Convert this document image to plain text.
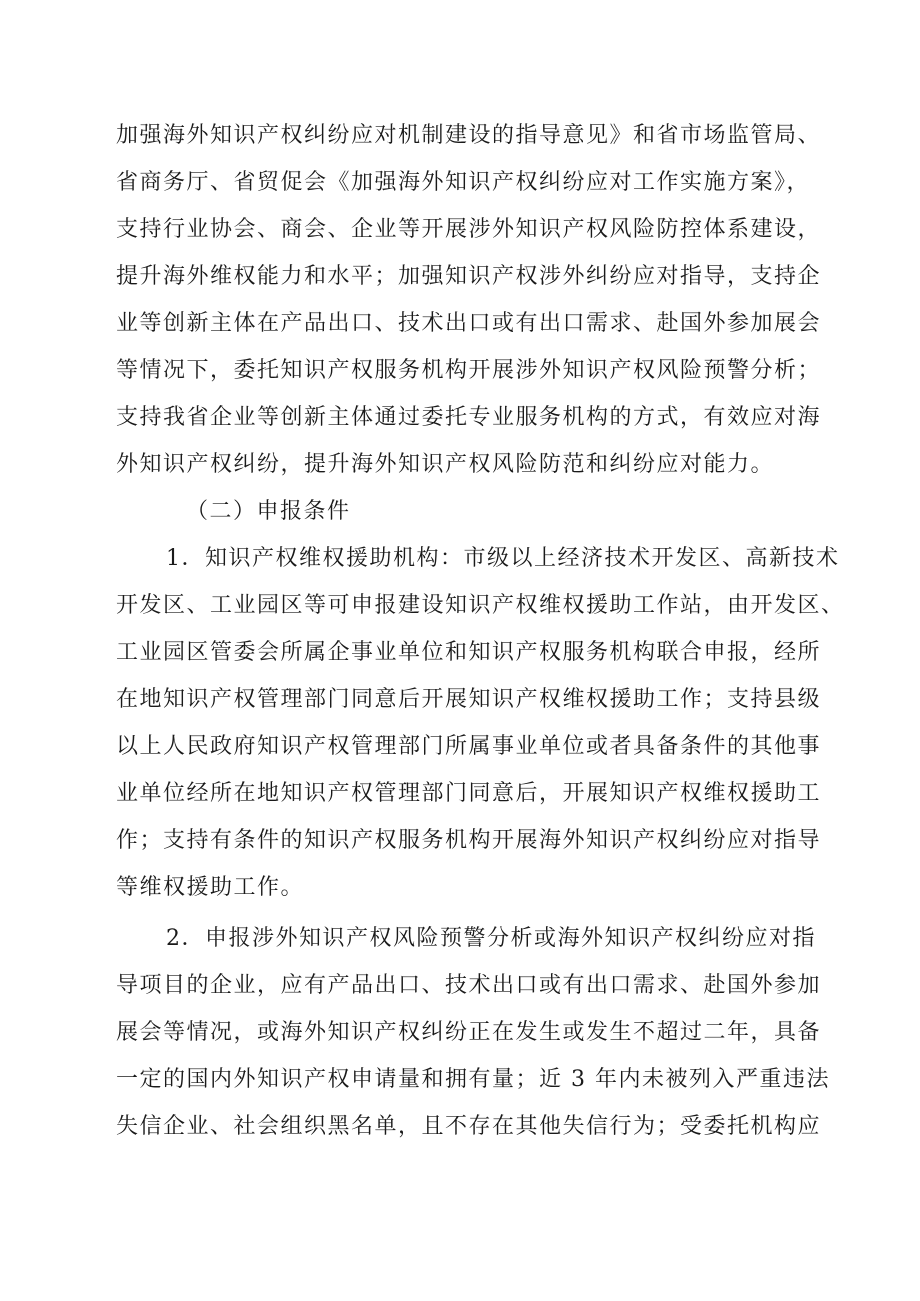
加强海外知识产权纠纷应对机制建设的指导意见》和省市场监管局、
省商务厅、省贸促会《加强海外知识产权纠纷应对工作实施方案》，
支持行业协会、商会、企业等开展涉外知识产权风险防控体系建设，
提升海外维权能力和水平；加强知识产权涉外纠纷应对指导，支持企
业等创新主体在产品出口、技术出口或有出口需求、赴国外参加展会
等情况下，委托知识产权服务机构开展涉外知识产权风险预警分析；
支持我省企业等创新主体通过委托专业服务机构的方式，有效应对海
外知识产权纠纷，提升海外知识产权风险防范和纠纷应对能力。
（二）申报条件
1．知识产权维权援助机构：市级以上经济技术开发区、高新技术
开发区、工业园区等可申报建设知识产权维权援助工作站，由开发区、
工业园区管委会所属企事业单位和知识产权服务机构联合申报，经所
在地知识产权管理部门同意后开展知识产权维权援助工作；支持县级
以上人民政府知识产权管理部门所属事业单位或者具备条件的其他事
业单位经所在地知识产权管理部门同意后，开展知识产权维权援助工
作；支持有条件的知识产权服务机构开展海外知识产权纠纷应对指导
等维权援助工作。
2．申报涉外知识产权风险预警分析或海外知识产权纠纷应对指
导项目的企业，应有产品出口、技术出口或有出口需求、赴国外参加
展会等情况，或海外知识产权纠纷正在发生或发生不超过二年，具备
一定的国内外知识产权申请量和拥有量；近 3 年内未被列入严重违法
失信企业、社会组织黑名单，且不存在其他失信行为；受委托机构应
